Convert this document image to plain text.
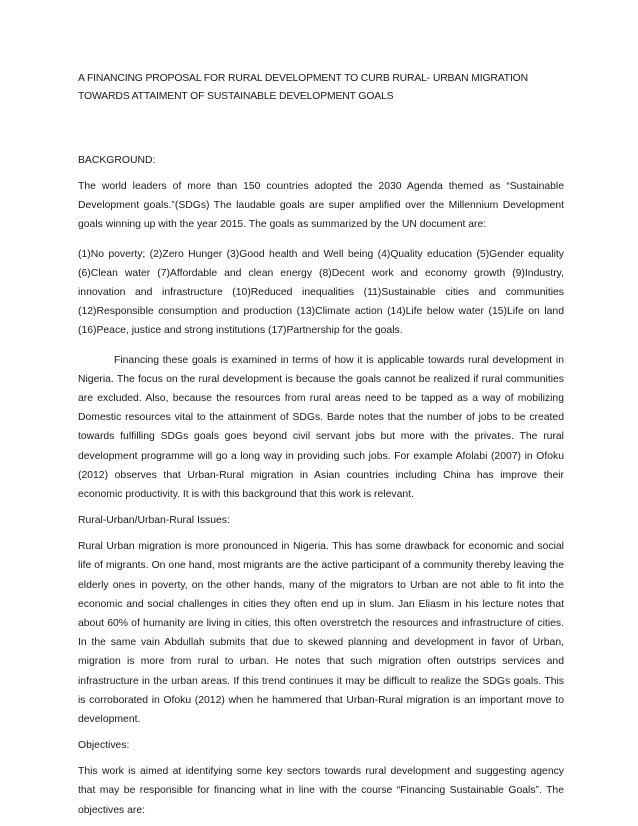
A FINANCING PROPOSAL FOR RURAL DEVELOPMENT TO CURB RURAL- URBAN MIGRATION TOWARDS ATTAIMENT OF SUSTAINABLE DEVELOPMENT GOALS
BACKGROUND:

The world leaders of more than 150 countries adopted the 2030 Agenda themed as “Sustainable Development goals.”(SDGs) The laudable goals are super amplified over the Millennium Development goals winning up with the year 2015. The goals as summarized by the UN document are:

(1)No poverty; (2)Zero Hunger (3)Good health and Well being (4)Quality education (5)Gender equality (6)Clean water (7)Affordable and clean energy (8)Decent work and economy growth (9)Industry, innovation and infrastructure (10)Reduced inequalities (11)Sustainable cities and communities (12)Responsible consumption and production (13)Climate action (14)Life below water (15)Life on land (16)Peace, justice and strong institutions (17)Partnership for the goals.

Financing these goals is examined in terms of how it is applicable towards rural development in Nigeria. The focus on the rural development is because the goals cannot be realized if rural communities are excluded. Also, because the resources from rural areas need to be tapped as a way of mobilizing Domestic resources vital to the attainment of SDGs. Barde notes that the number of jobs to be created towards fulfilling SDGs goals goes beyond civil servant jobs but more with the privates. The rural development programme will go a long way in providing such jobs. For example Afolabi (2007) in Ofoku (2012) observes that Urban-Rural migration in Asian countries including China has improve their economic productivity. It is with this background that this work is relevant.

Rural-Urban/Urban-Rural Issues:

Rural Urban migration is more pronounced in Nigeria. This has some drawback for economic and social life of migrants. On one hand, most migrants are the active participant of a community thereby leaving the elderly ones in poverty, on the other hands, many of the migrators to Urban are not able to fit into the economic and social challenges in cities they often end up in slum. Jan Eliasm in his lecture notes that about 60% of humanity are living in cities, this often overstretch the resources and infrastructure of cities. In the same vain Abdullah submits that due to skewed planning and development in favor of Urban, migration is more from rural to urban. He notes that such migration often outstrips services and infrastructure in the urban areas. If this trend continues it may be difficult to realize the SDGs goals. This is corroborated in Ofoku (2012) when he hammered that Urban-Rural migration is an important move to development.

Objectives:

This work is aimed at identifying some key sectors towards rural development and suggesting agency that may be responsible for financing what in line with the course “Financing Sustainable Goals”. The objectives are:
